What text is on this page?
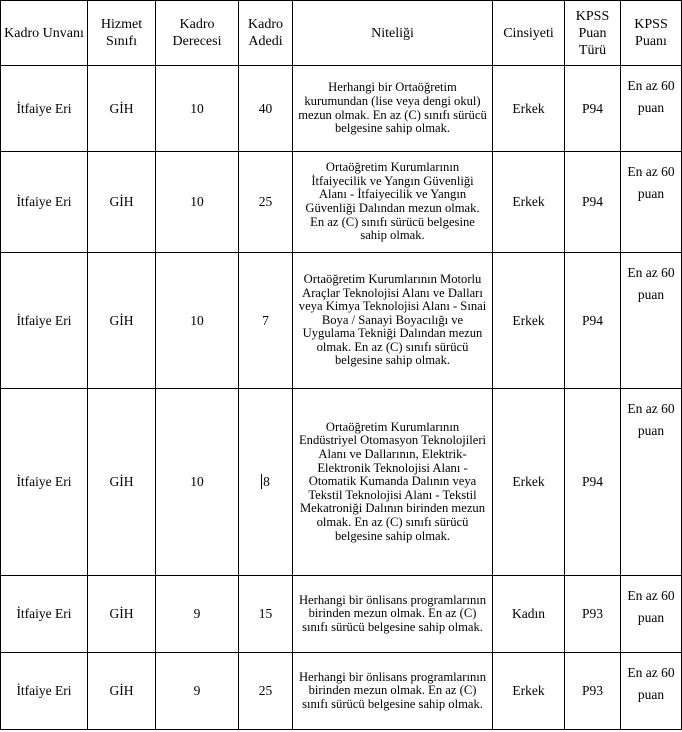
Kadro Unvanı	Hizmet Sınıfı	Kadro Derecesi	Kadro Adedi	Niteliği	Cinsiyeti	KPSS Puan Türü	KPSS Puanı
İtfaiye Eri	GİH	10	40	Herhangi bir Ortaöğretim kurumundan (lise veya dengi okul) mezun olmak. En az (C) sınıfı sürücü belgesine sahip olmak.	Erkek	P94	En az 60 puan
İtfaiye Eri	GİH	10	25	Ortaöğretim Kurumlarının İtfaiyecilik ve Yangın Güvenliği Alanı - İtfaiyecilik ve Yangın Güvenliği Dalından mezun olmak. En az (C) sınıfı sürücü belgesine sahip olmak.	Erkek	P94	En az 60 puan
İtfaiye Eri	GİH	10	7	Ortaöğretim Kurumlarının Motorlu Araçlar Teknolojisi Alanı ve Dalları veya Kimya Teknolojisi Alanı - Sınai Boya / Sanayi Boyacılığı ve Uygulama Tekniği Dalından mezun olmak. En az (C) sınıfı sürücü belgesine sahip olmak.	Erkek	P94	En az 60 puan
İtfaiye Eri	GİH	10	8	Ortaöğretim Kurumlarının Endüstriyel Otomasyon Teknolojileri Alanı ve Dallarının, Elektrik-Elektronik Teknolojisi Alanı - Otomatik Kumanda Dalının veya Tekstil Teknolojisi Alanı - Tekstil Mekatroniği Dalının birinden mezun olmak. En az (C) sınıfı sürücü belgesine sahip olmak.	Erkek	P94	En az 60 puan
İtfaiye Eri	GİH	9	15	Herhangi bir önlisans programlarının birinden mezun olmak. En az (C) sınıfı sürücü belgesine sahip olmak.	Kadın	P93	En az 60 puan
İtfaiye Eri	GİH	9	25	Herhangi bir önlisans programlarının birinden mezun olmak. En az (C) sınıfı sürücü belgesine sahip olmak.	Erkek	P93	En az 60 puan
